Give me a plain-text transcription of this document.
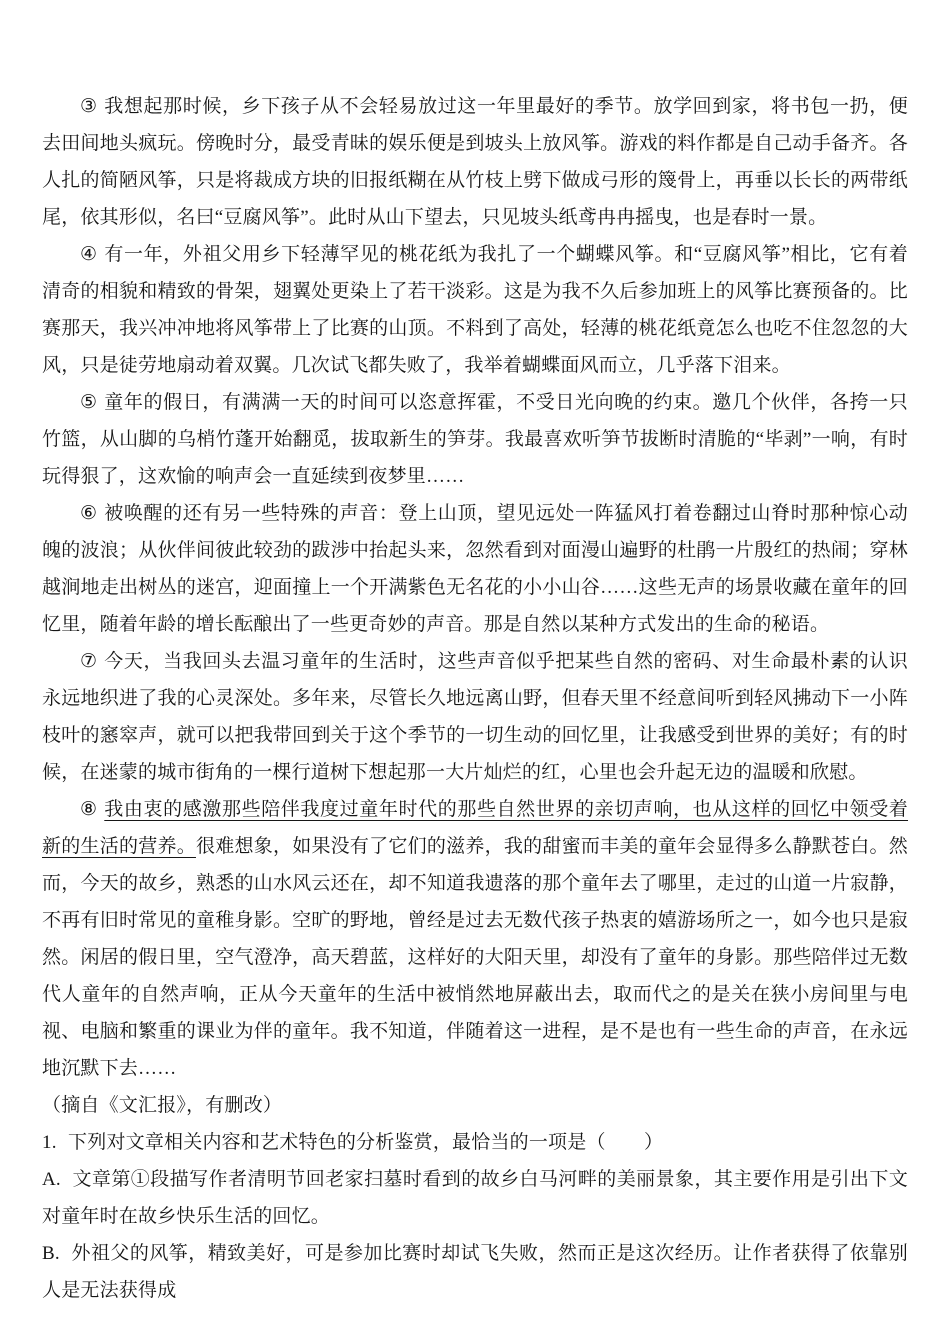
③ 我想起那时候，乡下孩子从不会轻易放过这一年里最好的季节。放学回到家，将书包一扔，便去田间地头疯玩。傍晚时分，最受青昧的娱乐便是到坡头上放风筝。游戏的料作都是自己动手备齐。各人扎的简陋风筝，只是将裁成方块的旧报纸糊在从竹枝上劈下做成弓形的篾骨上，再垂以长长的两带纸尾，依其形似，名曰“豆腐风筝”。此时从山下望去，只见坡头纸鸢冉冉摇曳，也是春时一景。

④ 有一年，外祖父用乡下轻薄罕见的桃花纸为我扎了一个蝴蝶风筝。和“豆腐风筝”相比，它有着清奇的相貌和精致的骨架，翅翼处更染上了若干淡彩。这是为我不久后参加班上的风筝比赛预备的。比赛那天，我兴冲冲地将风筝带上了比赛的山顶。不料到了高处，轻薄的桃花纸竟怎么也吃不住忽忽的大风，只是徒劳地扇动着双翼。几次试飞都失败了，我举着蝴蝶面风而立，几乎落下泪来。

⑤ 童年的假日，有满满一天的时间可以恣意挥霍，不受日光向晚的约束。邀几个伙伴，各挎一只竹篮，从山脚的乌梢竹蓬开始翻觅，拔取新生的笋芽。我最喜欢听笋节拔断时清脆的“毕剥”一响，有时玩得狠了，这欢愉的响声会一直延续到夜梦里……

⑥ 被唤醒的还有另一些特殊的声音：登上山顶，望见远处一阵猛风打着卷翻过山脊时那种惊心动魄的波浪；从伙伴间彼此较劲的跋涉中抬起头来，忽然看到对面漫山遍野的杜鹃一片殷红的热闹；穿林越涧地走出树丛的迷宫，迎面撞上一个开满紫色无名花的小小山谷……这些无声的场景收藏在童年的回忆里，随着年龄的增长酝酿出了一些更奇妙的声音。那是自然以某种方式发出的生命的秘语。

⑦ 今天，当我回头去温习童年的生活时，这些声音似乎把某些自然的密码、对生命最朴素的认识永远地织进了我的心灵深处。多年来，尽管长久地远离山野，但春天里不经意间听到轻风拂动下一小阵枝叶的窸窣声，就可以把我带回到关于这个季节的一切生动的回忆里，让我感受到世界的美好；有的时候，在迷蒙的城市街角的一棵行道树下想起那一大片灿烂的红，心里也会升起无边的温暖和欣慰。

⑧ 我由衷的感激那些陪伴我度过童年时代的那些自然世界的亲切声响，也从这样的回忆中领受着新的生活的营养。很难想象，如果没有了它们的滋养，我的甜蜜而丰美的童年会显得多么静默苍白。然而，今天的故乡，熟悉的山水风云还在，却不知道我遗落的那个童年去了哪里，走过的山道一片寂静，不再有旧时常见的童稚身影。空旷的野地，曾经是过去无数代孩子热衷的嬉游场所之一，如今也只是寂然。闲居的假日里，空气澄净，高天碧蓝，这样好的大阳天里，却没有了童年的身影。那些陪伴过无数代人童年的自然声响，正从今天童年的生活中被悄然地屏蔽出去，取而代之的是关在狭小房间里与电视、电脑和繁重的课业为伴的童年。我不知道，伴随着这一进程，是不是也有一些生命的声音，在永远地沉默下去……

（摘自《文汇报》，有删改）

1. 下列对文章相关内容和艺术特色的分析鉴赏，最恰当的一项是（　　）

A. 文章第①段描写作者清明节回老家扫墓时看到的故乡白马河畔的美丽景象，其主要作用是引出下文对童年时在故乡快乐生活的回忆。

B. 外祖父的风筝，精致美好，可是参加比赛时却试飞失败，然而正是这次经历。让作者获得了依靠别人是无法获得成
